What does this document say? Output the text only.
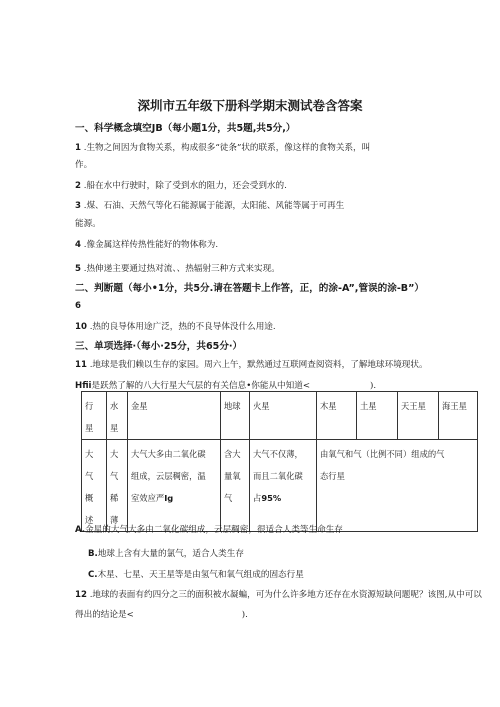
深圳市五年级下册科学期末测试卷含答案
一、科学概念填空JB（每小题1分，共5题,共5分,）
1 .生物之间因为食物关系，构成很多“徒条”状的联系，像这样的食物关系，叫
作。
2 .船在水中行驶时，除了受到水的阻力，还会受到水的.
3 .煤、石油、天然气等化石能源属于能源，太阳能、风能等属于可再生
能源。
4 .像金属这样传热性能好的物体称为.
5 .热伸递主要通过热对流、、热辐射三种方式来实现。
二、判断题（每小•1分，共5分.请在答题卡上作答，正，的涂-A”,管误的涂-B”）
6
10 .热的良导体用途广泛，热的不良导体没什么用途.
三、单项选择·（每小·25分，共65分·）
11 .地球是我们赖以生存的家园。周六上午，默然通过互联网查阅资料，了解地球环境现状。
Hfii是跃然了解的八大行星大气层的有关信息•你能从中知道<	).
行
星	水
星	金星	地球	火星	木星	土星	天王星	海王星
大
气
概
述	大
气
稀
薄	大气大多由二氧化碳
组成，云层稠密，温
室效应严Ig	含大
量氧
气	大气不仅薄，
而且二氧化碳
占95%	由氧气和气（比例不同）组成的气
态行星			
A.金星的大气大多由二氧化碳组成，云层稠密，很适合人类等生命生存
B.地球上含有大量的氯气，适合人类生存
C.木星、七星、天王星等是由氢气和氧气组成的固态行星
12 .地球的表面有约四分之三的面积被水凝蝙，可为什么许多地方还存在水资源短缺问题呢？该图,从中可以
得出的结论是<	).
